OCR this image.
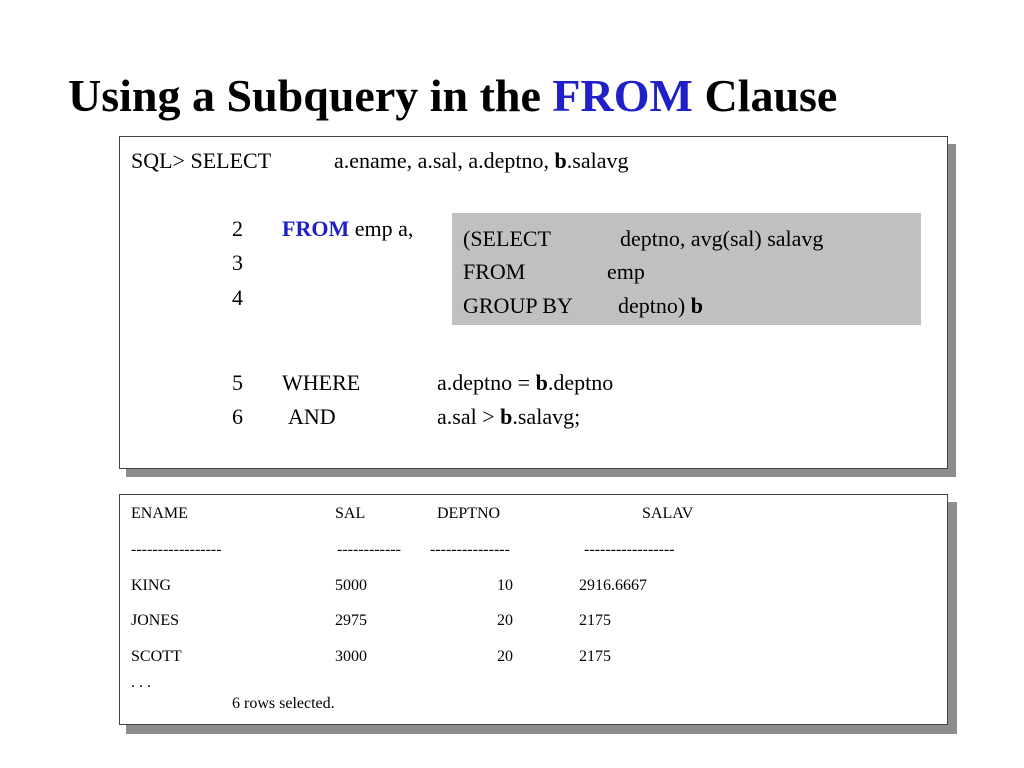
Using a Subquery in the FROM Clause
SQL> SELECT	a.ename, a.sal, a.deptno, b.salavg
2 FROM emp a,
3
4
(SELECT	deptno, avg(sal) salavg
FROM	emp
GROUP BY deptno) b
5 WHERE	a.deptno = b.deptno
6 AND	a.sal > b.salavg;
ENAME	SAL	DEPTNO	SALAV
-----------------	------------ ---------------	-----------------
KING	5000	10	2916.6667
JONES	2975	20	2175
SCOTT	3000	20	2175
. . .
6 rows selected.
